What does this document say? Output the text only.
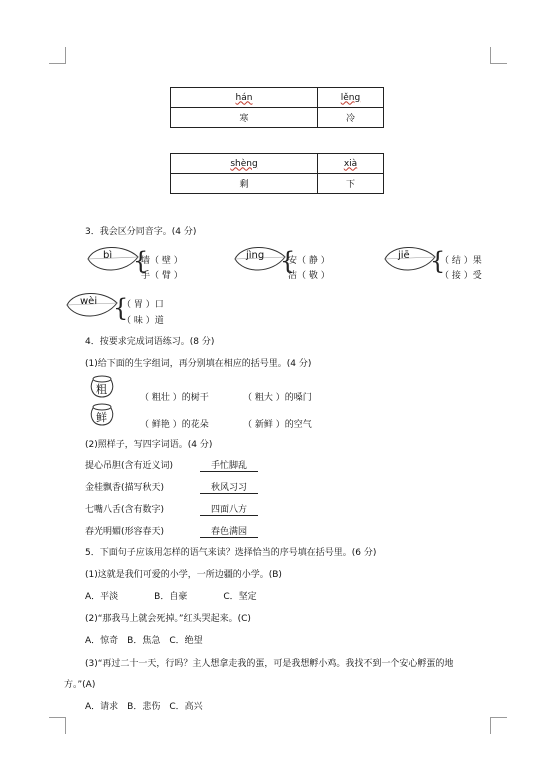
hán	lěng
寒	冷
shèng	xià
剩	下
3．我会区分同音字。(4 分)
bì {
墙（ 壁 ）
手（ 臂 ）
jìng {
安（ 静 ）
洁（ 敬 ）
jiē {
（ 结 ）果
（ 接 ）受
wèi {
（ 胃 ）口
（ 味 ）道
4．按要求完成词语练习。(8 分)
(1)给下面的生字组词，再分别填在相应的括号里。(4 分)
粗
（ 粗壮 ）的树干	（ 粗大 ）的嗓门
鲜
（ 鲜艳 ）的花朵	（ 新鲜 ）的空气
(2)照样子，写四字词语。(4 分)
提心吊胆(含有近义词)	手忙脚乱
金桂飘香(描写秋天)	秋风习习
七嘴八舌(含有数字)	四面八方
春光明媚(形容春天)	春色满园
5．下面句子应该用怎样的语气来读？选择恰当的序号填在括号里。(6 分)
(1)这就是我们可爱的小学，一所边疆的小学。(B)
A．平淡　　　　B．自豪　　　　C．坚定
(2)“那我马上就会死掉。”红头哭起来。(C)
A．惊奇　B．焦急　C．绝望
(3)“再过二十一天，行吗？主人想拿走我的蛋，可是我想孵小鸡。我找不到一个安心孵蛋的地
方。”(A)
A．请求　B．悲伤　C．高兴
